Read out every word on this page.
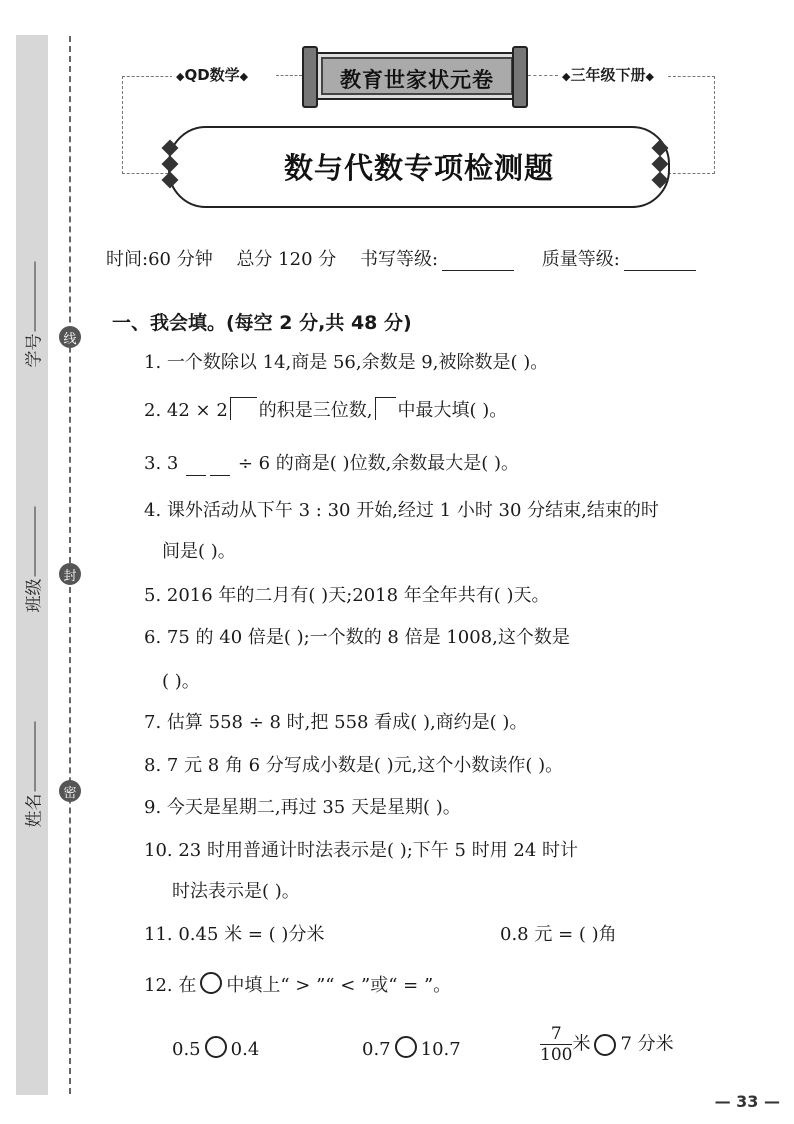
学号
班级
姓名
线
封
密
◆QD数学◆	◆三年级下册◆
教育世家状元卷
数与代数专项检测题
时间:60 分钟 总分 120 分 书写等级:	质量等级:
一、我会填。(每空 2 分,共 48 分)
1. 一个数除以 14,商是 56,余数是 9,被除数是( )。
2. 42 × 2 的积是三位数, 中最大填( )。
3. 3	÷ 6 的商是( )位数,余数最大是( )。
4. 课外活动从下午 3 : 30 开始,经过 1 小时 30 分结束,结束的时
间是( )。
5. 2016 年的二月有( )天;2018 年全年共有( )天。
6. 75 的 40 倍是( );一个数的 8 倍是 1008,这个数是
( )。
7. 估算 558 ÷ 8 时,把 558 看成( ),商约是( )。
8. 7 元 8 角 6 分写成小数是( )元,这个小数读作( )。
9. 今天是星期二,再过 35 天是星期( )。
10. 23 时用普通计时法表示是( );下午 5 时用 24 时计
时法表示是( )。
11. 0.45 米 = ( )分米	0.8 元 = ( )角
12. 在 中填上“ > ”“ < ”或“ = ”。
0.5 0.4	0.7 10.7	$\frac{7}{100}$ 米 7 分米
— 33 —
